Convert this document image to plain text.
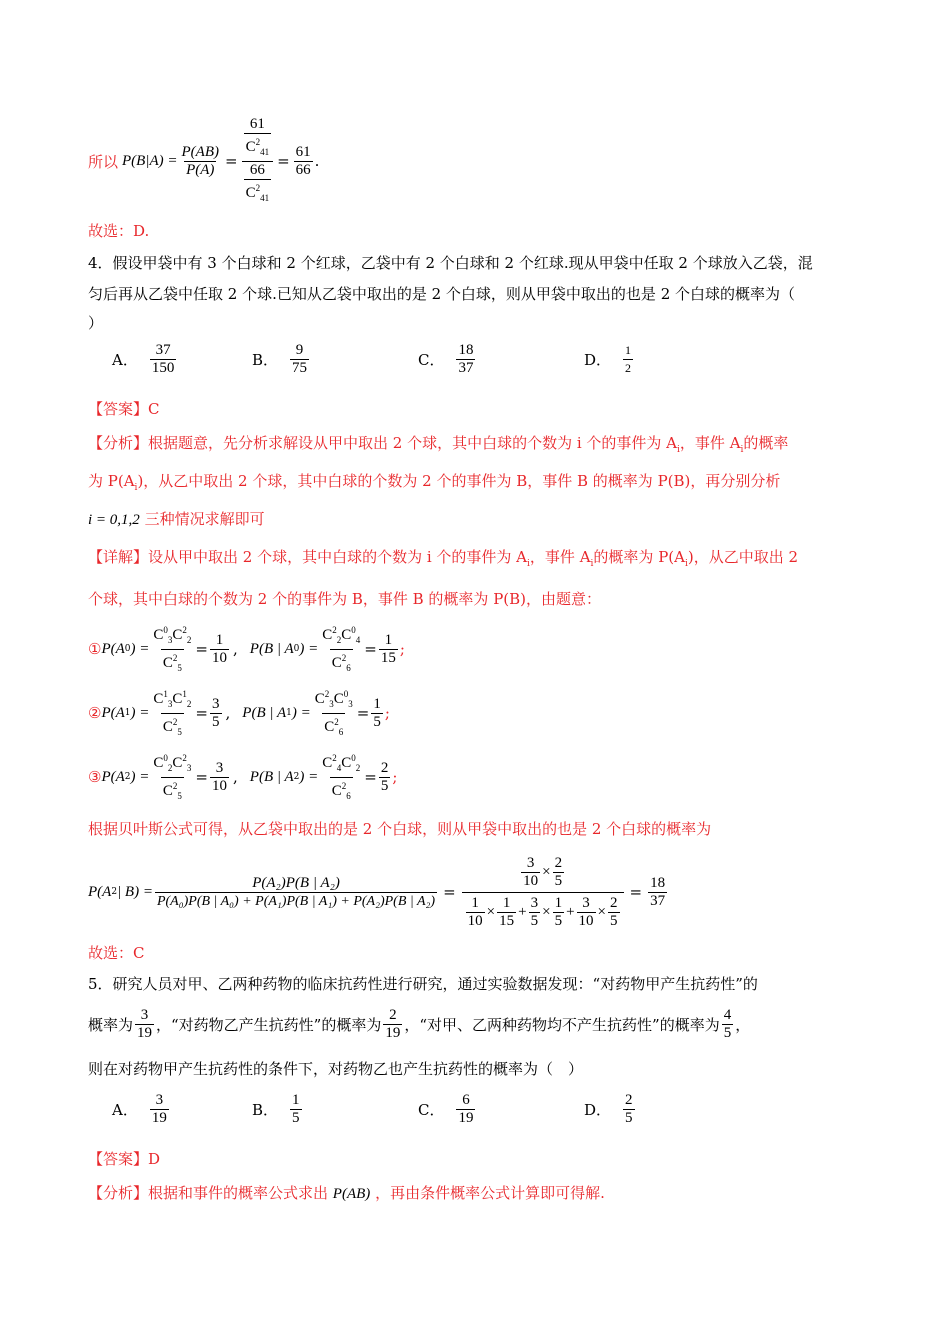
所以 $P(B|A) = \frac{P(AB)}{P(A)} = 61$
$C^2_{41}$
66
$C^2_{41} = \frac{61}{66}$ .
故选：D.
4．假设甲袋中有 3 个白球和 2 个红球，乙袋中有 2 个白球和 2 个红球.现从甲袋中任取 2 个球放入乙袋，混
匀后再从乙袋中任取 2 个球.已知从乙袋中取出的是 2 个白球，则从甲袋中取出的也是 2 个白球的概率为（
）
A． $\frac{37}{150}$	B． $\frac{9}{75}$	C． $\frac{18}{37}$	D． $\frac{1}{2}$
【答案】C
【分析】根据题意，先分析求解设从甲中取出 2 个球，其中白球的个数为 i 个的事件为 $A_i$，事件 $A_i$的概率
为 $P(A_i)$，从乙中取出 2 个球，其中白球的个数为 2 个的事件为 B，事件 B 的概率为 P(B)，再分别分析
i = 0,1,2 三种情况求解即可
【详解】设从甲中取出 2 个球，其中白球的个数为 i 个的事件为 $A_i$，事件 $A_i$的概率为 $P(A_i)$，从乙中取出 2
个球，其中白球的个数为 2 个的事件为 B，事件 B 的概率为 P(B)，由题意：
① P(A 0 ) = $\frac{C^0_3C^2_2}{C^2_5} = \frac{1}{10}$ , P(B | A 0 ) = $\frac{C^2_2C^0_4}{C^2_6} = \frac{1}{15}$ ;
② P(A 1 ) = $\frac{C^1_3C^1_2}{C^2_5} = \frac{3}{5}$ , P(B | A 1 ) = $\frac{C^2_3C^0_3}{C^2_6} = \frac{1}{5}$ ;
③ P(A 2 ) = $\frac{C^0_2C^2_3}{C^2_5} = \frac{3}{10}$ , P(B | A 2 ) = $\frac{C^2_4C^0_2}{C^2_6} = \frac{2}{5}$ ;
根据贝叶斯公式可得，从乙袋中取出的是 2 个白球，则从甲袋中取出的也是 2 个白球的概率为
P(A 2 | $B) = \frac{\text{P(A₂)P(B | A₂)}}{\text{P(A₀)P(B | A₀) + P(A₁)P(B | A₁) + P(A₂)P(B | A₂)}} = \frac{\frac{3}{10} \times \frac{2}{5}}{\frac{1}{10} \times \frac{1}{15} + \frac{3}{5} \times \frac{1}{5} + \frac{3}{10} \times \frac{2}{5}} = \frac{18}{37}$
故选：C
5．研究人员对甲、乙两种药物的临床抗药性进行研究，通过实验数据发现：“对药物甲产生抗药性”的
概率为 $\frac{3}{19}$ ，“对药物乙产生抗药性”的概率为 $\frac{2}{19}$ ，“对甲、乙两种药物均不产生抗药性”的概率为 $\frac{4}{5}$ ，
则在对药物甲产生抗药性的条件下，对药物乙也产生抗药性的概率为（　）
A． $\frac{3}{19}$	B． $\frac{1}{5}$	C． $\frac{6}{19}$	D． $\frac{2}{5}$
【答案】D
【分析】根据和事件的概率公式求出 P(AB) ，再由条件概率公式计算即可得解.
